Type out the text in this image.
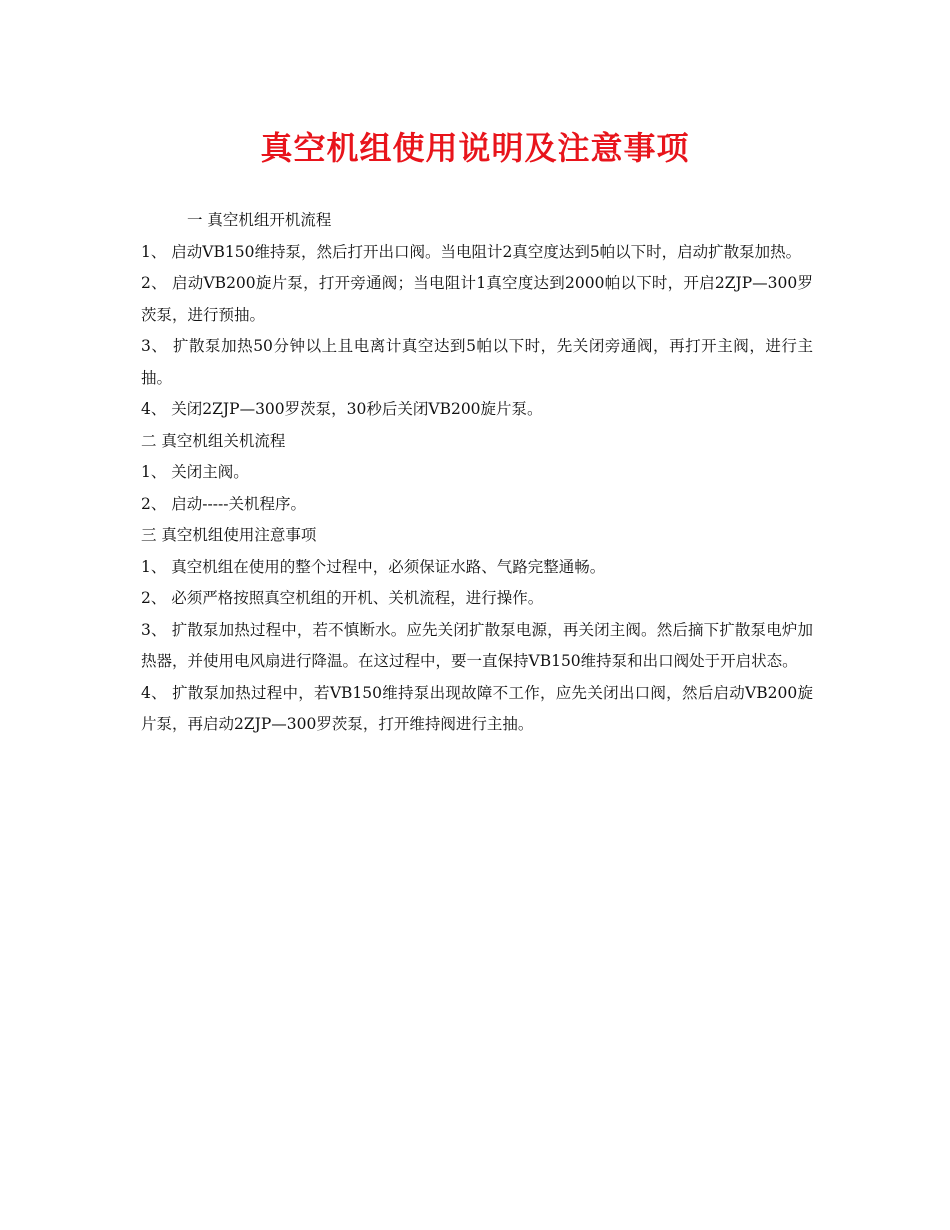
真空机组使用说明及注意事项

一 真空机组开机流程

1、 启动VB150维持泵，然后打开出口阀。当电阻计2真空度达到5帕以下时，启动扩散泵加热。

2、 启动VB200旋片泵，打开旁通阀；当电阻计1真空度达到2000帕以下时，开启2ZJP—300罗茨泵，进行预抽。

3、 扩散泵加热50分钟以上且电离计真空达到5帕以下时，先关闭旁通阀，再打开主阀，进行主抽。

4、 关闭2ZJP—300罗茨泵，30秒后关闭VB200旋片泵。

二 真空机组关机流程

1、 关闭主阀。

2、 启动-----关机程序。

三 真空机组使用注意事项

1、 真空机组在使用的整个过程中，必须保证水路、气路完整通畅。

2、 必须严格按照真空机组的开机、关机流程，进行操作。

3、 扩散泵加热过程中，若不慎断水。应先关闭扩散泵电源，再关闭主阀。然后摘下扩散泵电炉加热器，并使用电风扇进行降温。在这过程中，要一直保持VB150维持泵和出口阀处于开启状态。

4、 扩散泵加热过程中，若VB150维持泵出现故障不工作，应先关闭出口阀，然后启动VB200旋片泵，再启动2ZJP—300罗茨泵，打开维持阀进行主抽。
